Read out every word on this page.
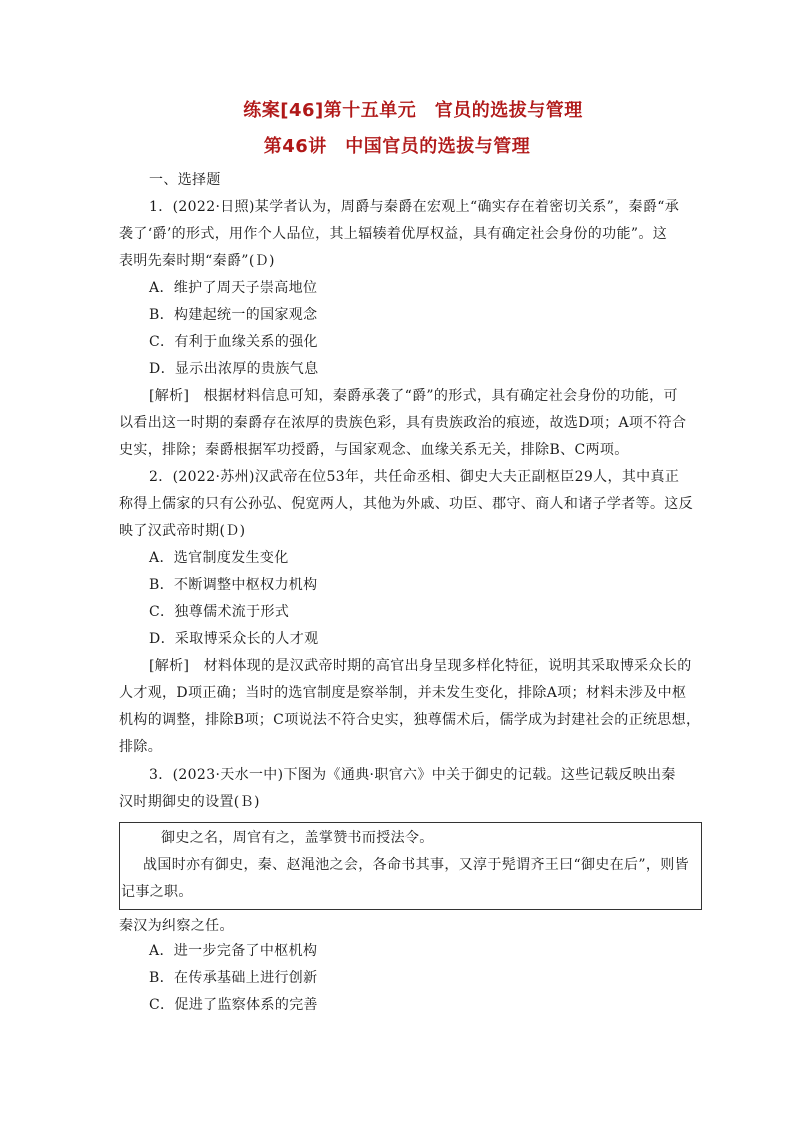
练案[46]第十五单元　官员的选拔与管理
第46讲　中国官员的选拔与管理
一、选择题
1．(2022·日照)某学者认为，周爵与秦爵在宏观上“确实存在着密切关系”，秦爵“承
袭了‘爵’的形式，用作个人品位，其上辐辏着优厚权益，具有确定社会身份的功能”。这
表明先秦时期“秦爵”(Ｄ)
A．维护了周天子崇高地位
B．构建起统一的国家观念
C．有利于血缘关系的强化
D．显示出浓厚的贵族气息
[解析]　根据材料信息可知，秦爵承袭了“爵”的形式，具有确定社会身份的功能，可
以看出这一时期的秦爵存在浓厚的贵族色彩，具有贵族政治的痕迹，故选D项；A项不符合
史实，排除；秦爵根据军功授爵，与国家观念、血缘关系无关，排除B、C两项。
2．(2022·苏州)汉武帝在位53年，共任命丞相、御史大夫正副枢臣29人，其中真正
称得上儒家的只有公孙弘、倪宽两人，其他为外戚、功臣、郡守、商人和诸子学者等。这反
映了汉武帝时期(Ｄ)
A．选官制度发生变化
B．不断调整中枢权力机构
C．独尊儒术流于形式
D．采取博采众长的人才观
[解析]　材料体现的是汉武帝时期的高官出身呈现多样化特征，说明其采取博采众长的
人才观，D项正确；当时的选官制度是察举制，并未发生变化，排除A项；材料未涉及中枢
机构的调整，排除B项；C项说法不符合史实，独尊儒术后，儒学成为封建社会的正统思想，
排除。
3．(2023·天水一中)下图为《通典·职官六》中关于御史的记载。这些记载反映出秦
汉时期御史的设置(Ｂ)
御史之名，周官有之，盖掌赞书而授法令。
战国时亦有御史，秦、赵渑池之会，各命书其事，又淳于髡谓齐王曰“御史在后”，则皆
记事之职。
秦汉为纠察之任。
A．进一步完备了中枢机构
B．在传承基础上进行创新
C．促进了监察体系的完善
